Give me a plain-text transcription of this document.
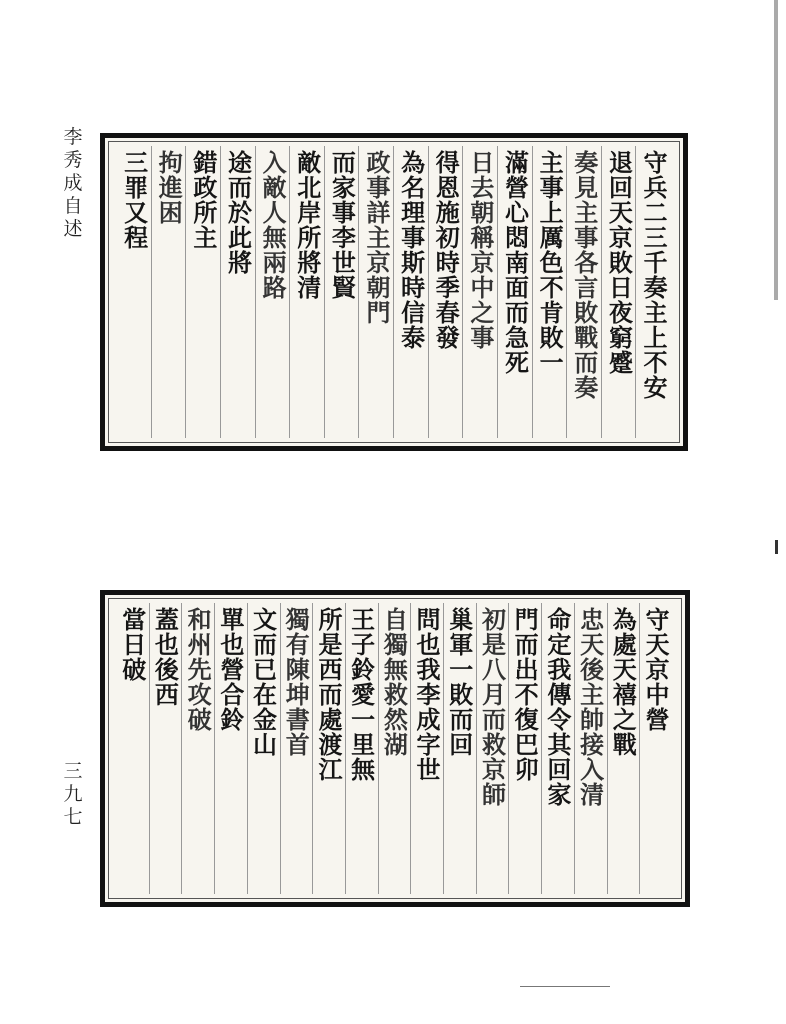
李秀成自述
三九七
守兵二三千奏主上不安
退回天京敗日夜窮蹙
奏見主事各言敗戰而奏
主事上厲色不肯敗一
滿營心悶南面而急死
日去朝稱京中之事
得恩施初時季春發
為名理事斯時信泰
政事詳主京朝門
而家事李世賢
敵北岸所將清
入敵人無兩路
途而於此將
錯政所主
拘進困
三罪又程
守天京中營
為處天禧之戰
忠天後主帥接入清
命定我傳令其回家
門而出不復巴卯
初是八月而救京師
巢軍一敗而回
問也我李成字世
自獨無救然湖
王子鈴愛一里無
所是西而處渡江
獨有陳坤書首
文而已在金山
單也營合鈴
和州先攻破
蓋也後西
當日破
